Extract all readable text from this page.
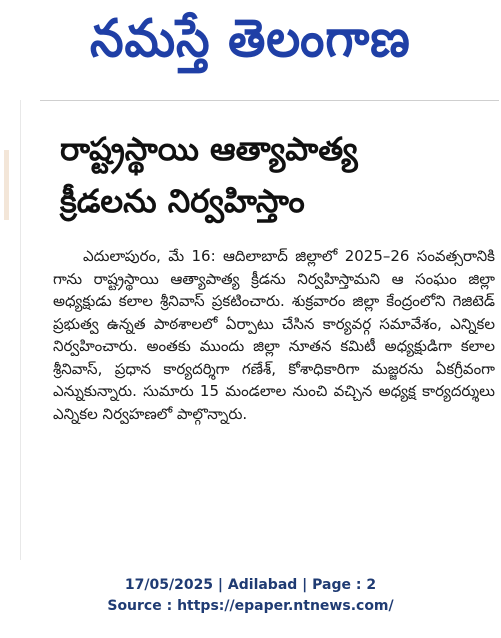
నమస్తే తెలంగాణ
రాష్ట్రస్థాయి ఆత్యాపాత్య
క్రీడలను నిర్వహిస్తాం
ఎదులాపురం, మే 16: ఆదిలాబాద్ జిల్లాలో 2025–26 సంవత్సరానికి గాను రాష్ట్రస్థాయి ఆత్యాపాత్య క్రీడను నిర్వహిస్తామని ఆ సంఘం జిల్లా అధ్యక్షుడు కలాల శ్రీనివాస్ ప్రకటించారు. శుక్రవారం జిల్లా కేంద్రంలోని గెజిటెడ్ ప్రభుత్వ ఉన్నత పాఠశాలలో ఏర్పాటు చేసిన కార్యవర్గ సమావేశం, ఎన్నికల నిర్వహించారు. అంతకు ముందు జిల్లా నూతన కమిటీ అధ్యక్షుడిగా కలాల శ్రీనివాస్, ప్రధాన కార్యదర్శిగా గణేశ్, కోశాధికారిగా మజ్జరను ఏకగ్రీవంగా ఎన్నుకున్నారు. సుమారు 15 మండలాల నుంచి వచ్చిన అధ్యక్ష కార్యదర్శులు ఎన్నికల నిర్వహణలో పాల్గొన్నారు.
17/05/2025 | Adilabad | Page : 2
Source : https://epaper.ntnews.com/
